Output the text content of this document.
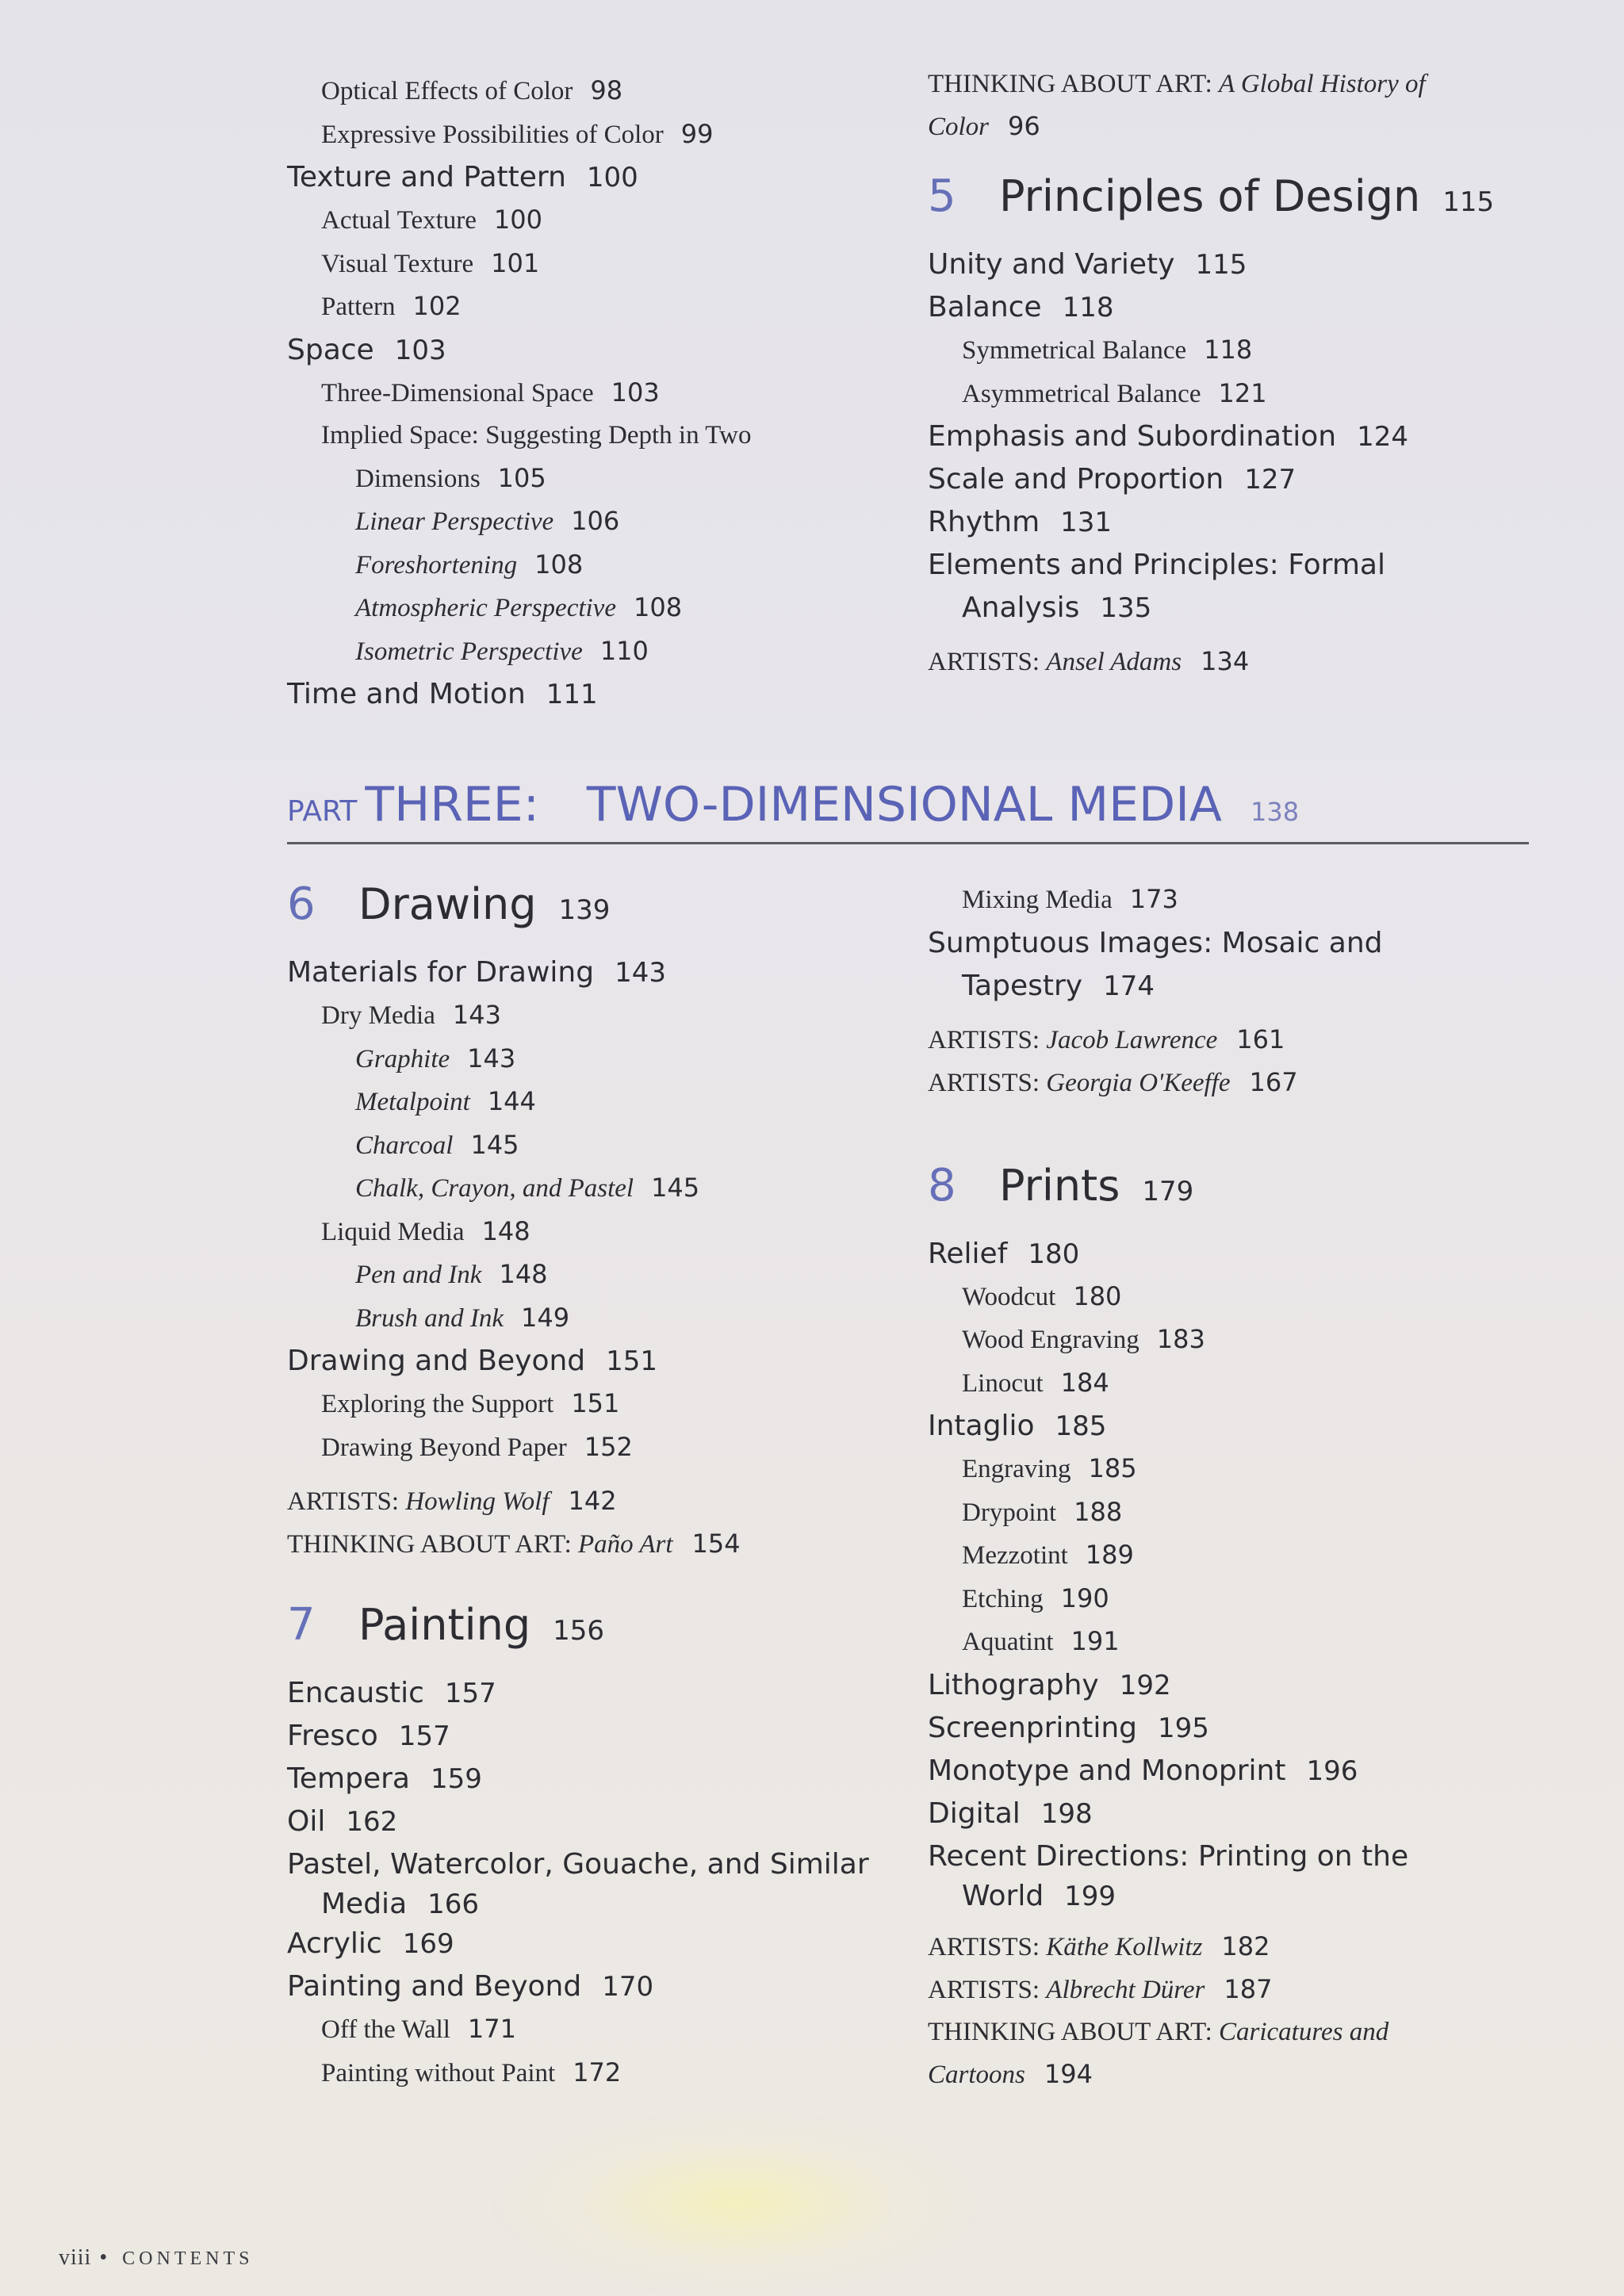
Optical Effects of Color 98
Expressive Possibilities of Color 99
Texture and Pattern 100
Actual Texture 100
Visual Texture 101
Pattern 102
Space 103
Three-Dimensional Space 103
Implied Space: Suggesting Depth in Two
Dimensions 105
Linear Perspective 106
Foreshortening 108
Atmospheric Perspective 108
Isometric Perspective 110
Time and Motion 111
THINKING ABOUT ART: A Global History of
Color 96
5	Principles of Design 115
Unity and Variety 115
Balance 118
Symmetrical Balance 118
Asymmetrical Balance 121
Emphasis and Subordination 124
Scale and Proportion 127
Rhythm 131
Elements and Principles: Formal
Analysis 135
ARTISTS: Ansel Adams 134
PART THREE: TWO-DIMENSIONAL MEDIA 138
6	Drawing 139
Materials for Drawing 143
Dry Media 143
Graphite 143
Metalpoint 144
Charcoal 145
Chalk, Crayon, and Pastel 145
Liquid Media 148
Pen and Ink 148
Brush and Ink 149
Drawing and Beyond 151
Exploring the Support 151
Drawing Beyond Paper 152
ARTISTS: Howling Wolf 142
THINKING ABOUT ART: Paño Art 154
7	Painting 156
Encaustic 157
Fresco 157
Tempera 159
Oil 162
Pastel, Watercolor, Gouache, and Similar
Media 166
Acrylic 169
Painting and Beyond 170
Off the Wall 171
Painting without Paint 172
Mixing Media 173
Sumptuous Images: Mosaic and
Tapestry 174
ARTISTS: Jacob Lawrence 161
ARTISTS: Georgia O'Keeffe 167
8	Prints 179
Relief 180
Woodcut 180
Wood Engraving 183
Linocut 184
Intaglio 185
Engraving 185
Drypoint 188
Mezzotint 189
Etching 190
Aquatint 191
Lithography 192
Screenprinting 195
Monotype and Monoprint 196
Digital 198
Recent Directions: Printing on the
World 199
ARTISTS: Käthe Kollwitz 182
ARTISTS: Albrecht Dürer 187
THINKING ABOUT ART: Caricatures and
Cartoons 194
viii • CONTENTS
